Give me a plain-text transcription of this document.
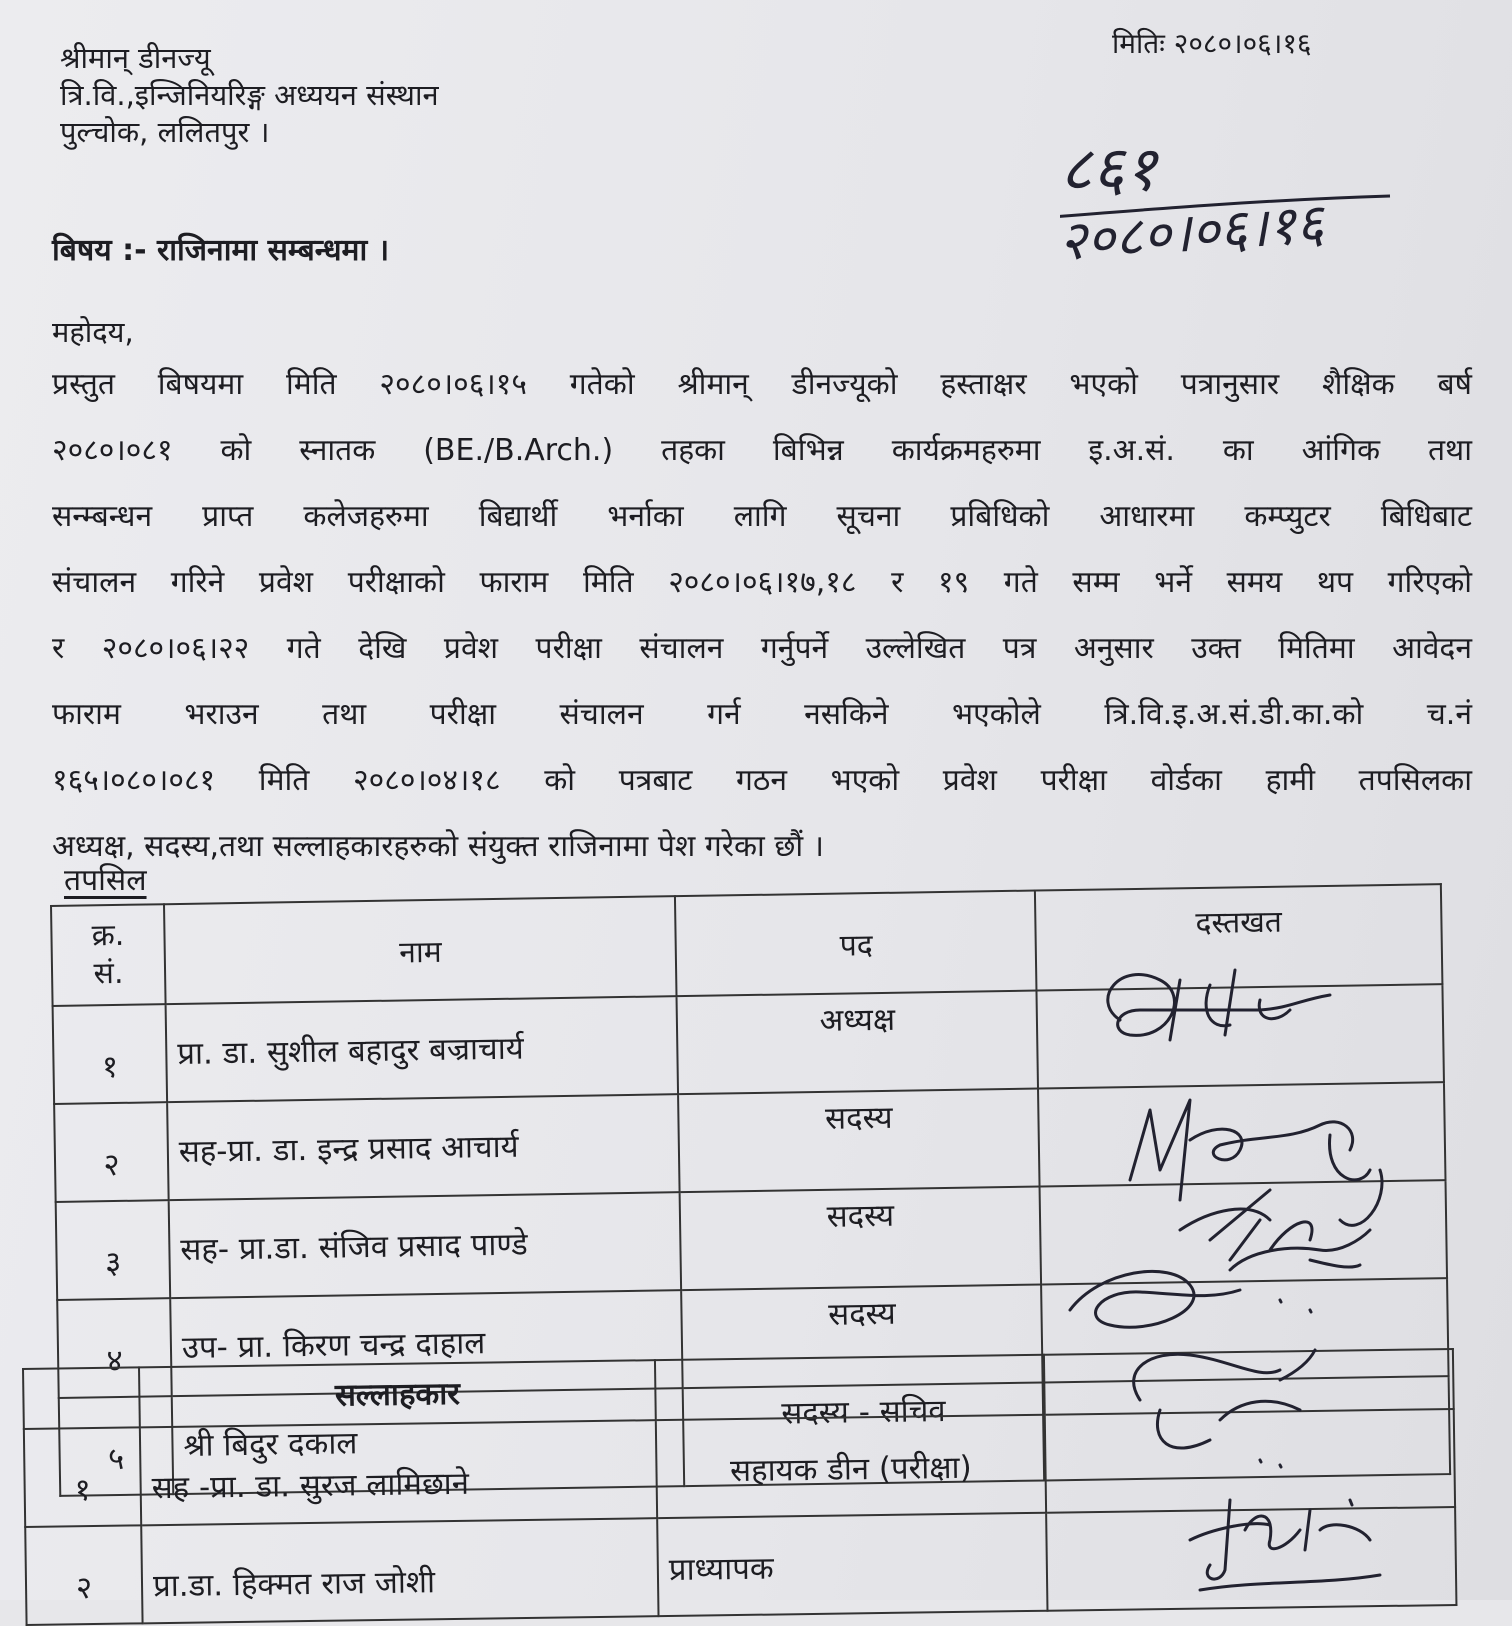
श्रीमान् डीनज्यू
त्रि.वि.,इन्जिनियरिङ्ग अध्ययन संस्थान
पुल्चोक, ललितपुर ।
मितिः २०८०।०६।१६
८६१
२०८०।०६।१६
बिषय :- राजिनामा सम्बन्धमा ।
महोदय,
प्रस्तुत बिषयमा मिति २०८०।०६।१५ गतेको श्रीमान् डीनज्यूको हस्ताक्षर भएको पत्रानुसार शैक्षिक बर्ष
२०८०।०८१ को स्नातक (BE./B.Arch.) तहका बिभिन्न कार्यक्रमहरुमा इ.अ.सं. का आंगिक तथा
सन्म्बन्धन प्राप्त कलेजहरुमा बिद्यार्थी भर्नाका लागि सूचना प्रबिधिको आधारमा कम्प्युटर बिधिबाट
संचालन गरिने प्रवेश परीक्षाको फाराम मिति २०८०।०६।१७,१८ र १९ गते सम्म भर्ने समय थप गरिएको
र २०८०।०६।२२ गते देखि प्रवेश परीक्षा संचालन गर्नुपर्ने उल्लेखित पत्र अनुसार उक्त मितिमा आवेदन
फाराम भराउन तथा परीक्षा संचालन गर्न नसकिने भएकोले त्रि.वि.इ.अ.सं.डी.का.को च.नं
१६५।०८०।०८१ मिति २०८०।०४।१८ को पत्रबाट गठन भएको प्रवेश परीक्षा वोर्डका हामी तपसिलका
अध्यक्ष, सदस्य,तथा सल्लाहकारहरुको संयुक्त राजिनामा पेश गरेका छौं ।
तपसिल
क्र.
सं.	नाम	पद	दस्तखत
१	प्रा. डा. सुशील बहादुर बज्राचार्य	अध्यक्ष	
२	सह-प्रा. डा. इन्द्र प्रसाद आचार्य	सदस्य	
३	सह- प्रा.डा. संजिव प्रसाद पाण्डे	सदस्य	
४	उप- प्रा. किरण चन्द्र दाहाल	सदस्य	
५	श्री बिदुर दकाल	सदस्य - सचिव	
	सल्लाहकार		
१	सह -प्रा. डा. सुरज लामिछाने	सहायक डीन (परीक्षा)	
२	प्रा.डा. हिक्मत राज जोशी	प्राध्यापक	
